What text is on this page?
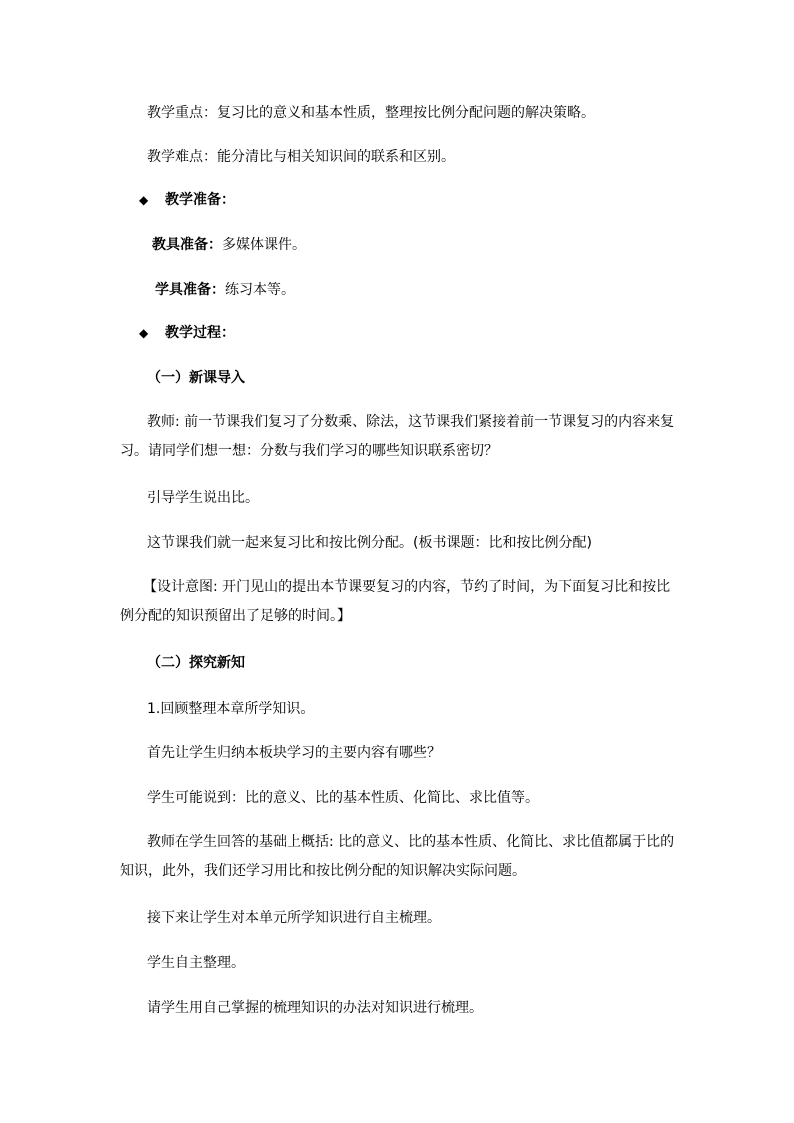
教学重点：复习比的意义和基本性质，整理按比例分配问题的解决策略。
教学难点：能分清比与相关知识间的联系和区别。
◆ 教学准备：
教具准备：多媒体课件。
学具准备：练习本等。
◆ 教学过程：
（一）新课导入
教师: 前一节课我们复习了分数乘、除法，这节课我们紧接着前一节课复习的内容来复
习。请同学们想一想：分数与我们学习的哪些知识联系密切？
引导学生说出比。
这节课我们就一起来复习比和按比例分配。(板书课题：比和按比例分配)
【设计意图: 开门见山的提出本节课要复习的内容，节约了时间，为下面复习比和按比
例分配的知识预留出了足够的时间。】
（二）探究新知
1.回顾整理本章所学知识。
首先让学生归纳本板块学习的主要内容有哪些？
学生可能说到：比的意义、比的基本性质、化简比、求比值等。
教师在学生回答的基础上概括: 比的意义、比的基本性质、化简比、求比值都属于比的
知识，此外，我们还学习用比和按比例分配的知识解决实际问题。
接下来让学生对本单元所学知识进行自主梳理。
学生自主整理。
请学生用自己掌握的梳理知识的办法对知识进行梳理。
